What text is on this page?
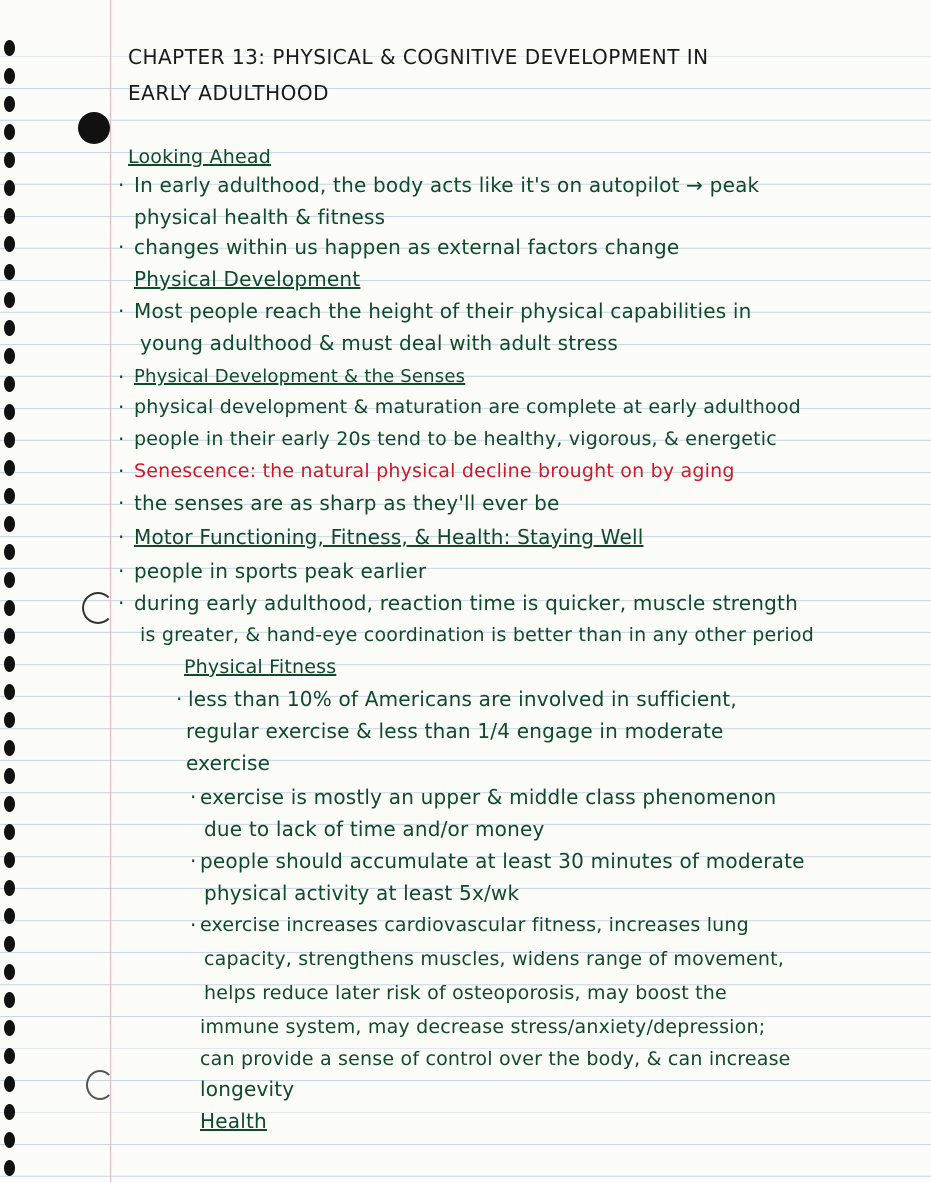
CHAPTER 13: PHYSICAL & COGNITIVE DEVELOPMENT IN
EARLY ADULTHOOD
Looking Ahead
· In early adulthood, the body acts like it's on autopilot → peak
physical health & fitness
· changes within us happen as external factors change
Physical Development
· Most people reach the height of their physical capabilities in
young adulthood & must deal with adult stress
· Physical Development & the Senses
· physical development & maturation are complete at early adulthood
· people in their early 20s tend to be healthy, vigorous, & energetic
· Senescence: the natural physical decline brought on by aging
· the senses are as sharp as they'll ever be
· Motor Functioning, Fitness, & Health: Staying Well
· people in sports peak earlier
· during early adulthood, reaction time is quicker, muscle strength
is greater, & hand-eye coordination is better than in any other period
Physical Fitness
· less than 10% of Americans are involved in sufficient,
regular exercise & less than 1/4 engage in moderate
exercise
· exercise is mostly an upper & middle class phenomenon
due to lack of time and/or money
· people should accumulate at least 30 minutes of moderate
physical activity at least 5x/wk
· exercise increases cardiovascular fitness, increases lung
capacity, strengthens muscles, widens range of movement,
helps reduce later risk of osteoporosis, may boost the
immune system, may decrease stress/anxiety/depression;
can provide a sense of control over the body, & can increase
longevity
Health
